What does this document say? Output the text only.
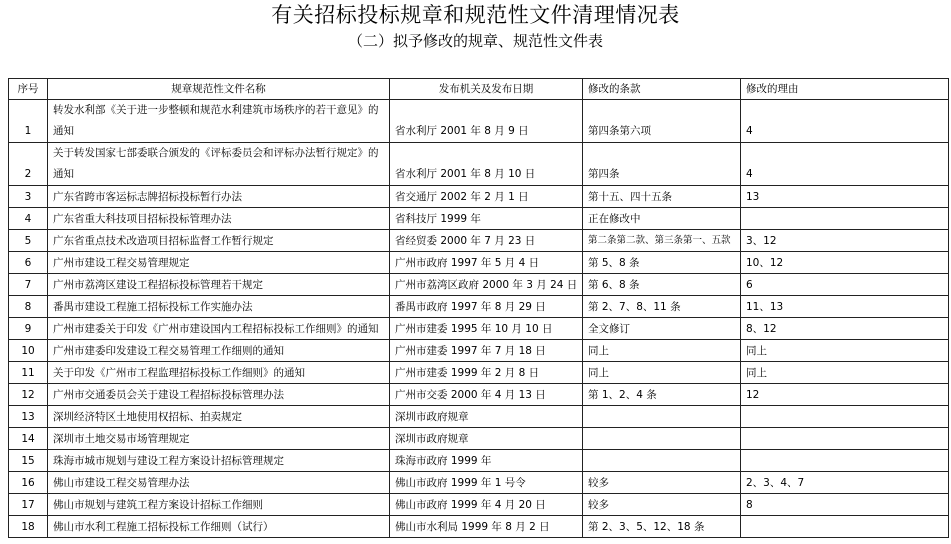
有关招标投标规章和规范性文件清理情况表
（二）拟予修改的规章、规范性文件表
序号	规章规范性文件名称	发布机关及发布日期	修改的条款	修改的理由
1	转发水利部《关于进一步整顿和规范水利建筑市场秩序的若干意见》的通知	省水利厅 2001 年 8 月 9 日	第四条第六项	4
2	关于转发国家七部委联合颁发的《评标委员会和评标办法暂行规定》的通知	省水利厅 2001 年 8 月 10 日	第四条	4
3	广东省跨市客运标志牌招标投标暂行办法	省交通厅 2002 年 2 月 1 日	第十五、四十五条	13
4	广东省重大科技项目招标投标管理办法	省科技厅 1999 年	正在修改中	
5	广东省重点技术改造项目招标监督工作暂行规定	省经贸委 2000 年 7 月 23 日	第二条第二款、第三条第一、五款	3、12
6	广州市建设工程交易管理规定	广州市政府 1997 年 5 月 4 日	第 5、8 条	10、12
7	广州市荔湾区建设工程招标投标管理若干规定	广州市荔湾区政府 2000 年 3 月 24 日	第 6、8 条	6
8	番禺市建设工程施工招标投标工作实施办法	番禺市政府 1997 年 8 月 29 日	第 2、7、8、11 条	11、13
9	广州市建委关于印发《广州市建设国内工程招标投标工作细则》的通知	广州市建委 1995 年 10 月 10 日	全文修订	8、12
10	广州市建委印发建设工程交易管理工作细则的通知	广州市建委 1997 年 7 月 18 日	同上	同上
11	关于印发《广州市工程监理招标投标工作细则》的通知	广州市建委 1999 年 2 月 8 日	同上	同上
12	广州市交通委员会关于建设工程招标投标管理办法	广州市交委 2000 年 4 月 13 日	第 1、2、4 条	12
13	深圳经济特区土地使用权招标、拍卖规定	深圳市政府规章		
14	深圳市土地交易市场管理规定	深圳市政府规章		
15	珠海市城市规划与建设工程方案设计招标管理规定	珠海市政府 1999 年		
16	佛山市建设工程交易管理办法	佛山市政府 1999 年 1 号令	较多	2、3、4、7
17	佛山市规划与建筑工程方案设计招标工作细则	佛山市政府 1999 年 4 月 20 日	较多	8
18	佛山市水利工程施工招标投标工作细则（试行）	佛山市水利局 1999 年 8 月 2 日	第 2、3、5、12、18 条	
